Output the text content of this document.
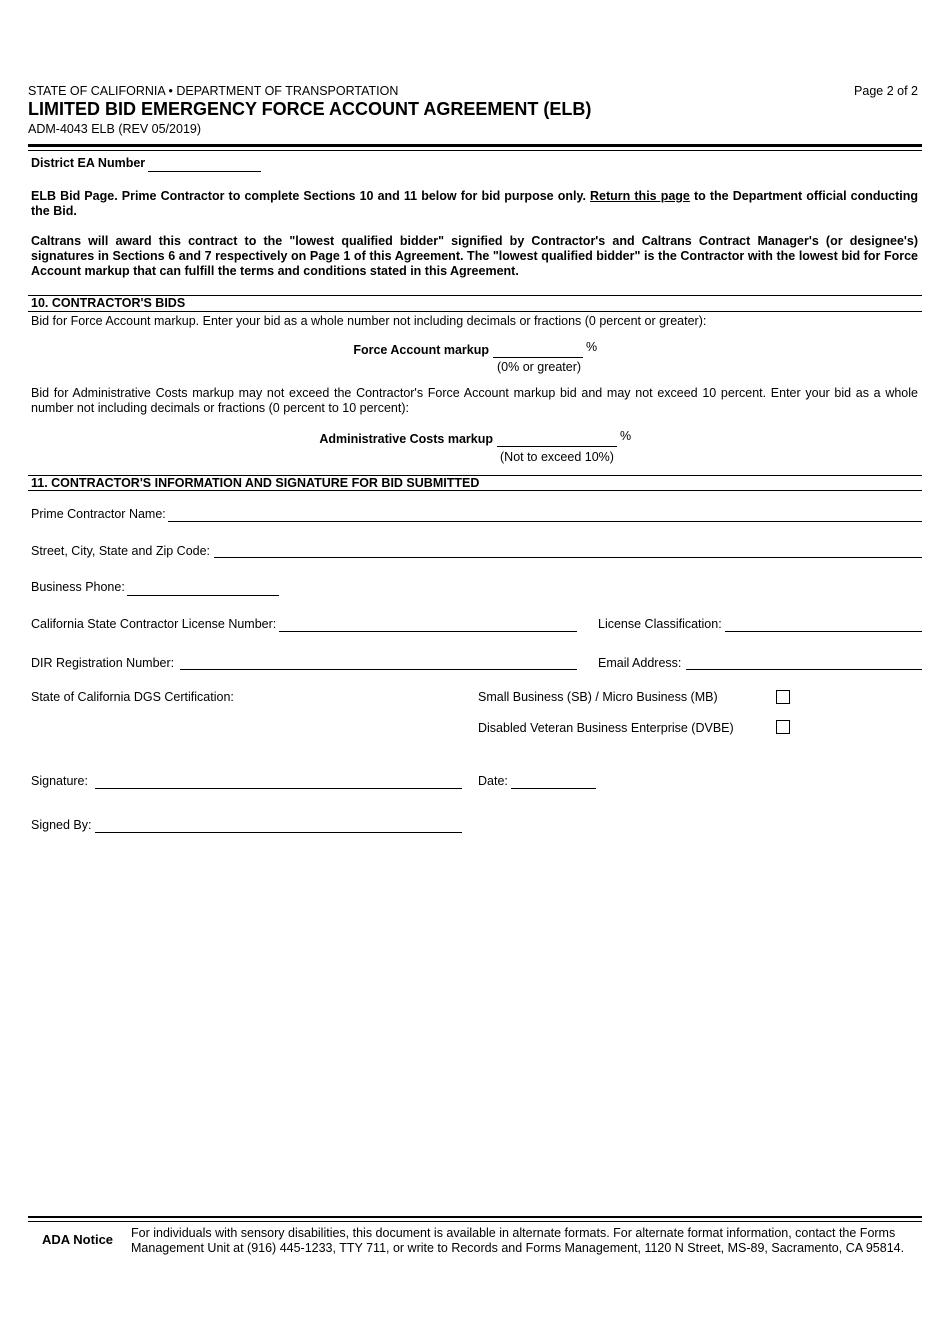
STATE OF CALIFORNIA • DEPARTMENT OF TRANSPORTATION
LIMITED BID EMERGENCY FORCE ACCOUNT AGREEMENT (ELB)
ADM-4043 ELB (REV 05/2019)
Page 2 of 2
District EA Number
ELB Bid Page. Prime Contractor to complete Sections 10 and 11 below for bid purpose only. Return this page to the Department official conducting the Bid.
Caltrans will award this contract to the "lowest qualified bidder" signified by Contractor's and Caltrans Contract Manager's (or designee's) signatures in Sections 6 and 7 respectively on Page 1 of this Agreement. The "lowest qualified bidder" is the Contractor with the lowest bid for Force Account markup that can fulfill the terms and conditions stated in this Agreement.
10. CONTRACTOR'S BIDS
Bid for Force Account markup. Enter your bid as a whole number not including decimals or fractions (0 percent or greater):
Force Account markup	%
(0% or greater)
Bid for Administrative Costs markup may not exceed the Contractor's Force Account markup bid and may not exceed 10 percent. Enter your bid as a whole number not including decimals or fractions (0 percent to 10 percent):
Administrative Costs markup	%
(Not to exceed 10%)
11. CONTRACTOR'S INFORMATION AND SIGNATURE FOR BID SUBMITTED
Prime Contractor Name:
Street, City, State and Zip Code:
Business Phone:
California State Contractor License Number:	License Classification:
DIR Registration Number:	Email Address:
State of California DGS Certification:	Small Business (SB) / Micro Business (MB)
Disabled Veteran Business Enterprise (DVBE)
Signature:	Date:
Signed By:
ADA Notice For individuals with sensory disabilities, this document is available in alternate formats. For alternate format information, contact the Forms Management Unit at (916) 445-1233, TTY 711, or write to Records and Forms Management, 1120 N Street, MS-89, Sacramento, CA 95814.
